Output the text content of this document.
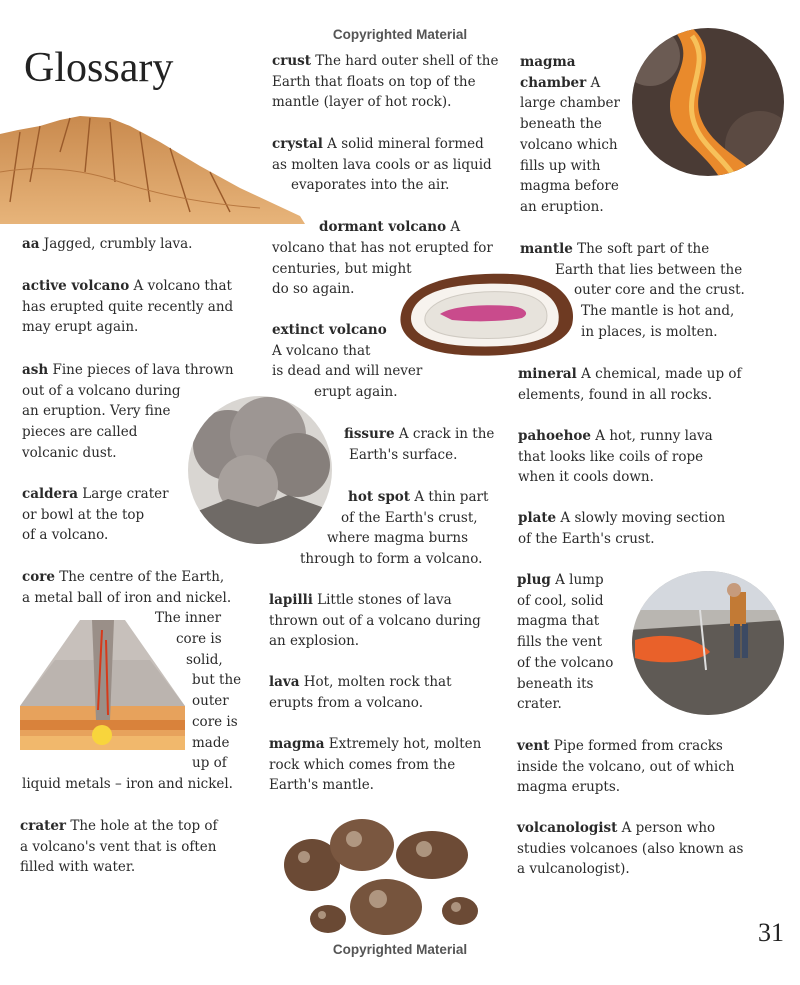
Copyrighted Material
Copyrighted Material
Glossary
31
aa Jagged, crumbly lava.
active volcano A volcano that
has erupted quite recently and
may erupt again.
ash Fine pieces of lava thrown
out of a volcano during
an eruption. Very fine
pieces are called
volcanic dust.
caldera Large crater
or bowl at the top
of a volcano.
core The centre of the Earth,
a metal ball of iron and nickel.
The inner
core is
solid,
but the
outer
core is
made
up of
liquid metals – iron and nickel.
crater The hole at the top of
a volcano's vent that is often
filled with water.
crust The hard outer shell of the
Earth that floats on top of the
mantle (layer of hot rock).
crystal A solid mineral formed
as molten lava cools or as liquid
evaporates into the air.
dormant volcano A
volcano that has not erupted for
centuries, but might
do so again.
extinct volcano
A volcano that
is dead and will never
erupt again.
fissure A crack in the
Earth's surface.
hot spot A thin part
of the Earth's crust,
where magma burns
through to form a volcano.
lapilli Little stones of lava
thrown out of a volcano during
an explosion.
lava Hot, molten rock that
erupts from a volcano.
magma Extremely hot, molten
rock which comes from the
Earth's mantle.
magma
chamber A
large chamber
beneath the
volcano which
fills up with
magma before
an eruption.
mantle The soft part of the
Earth that lies between the
outer core and the crust.
The mantle is hot and,
in places, is molten.
mineral A chemical, made up of
elements, found in all rocks.
pahoehoe A hot, runny lava
that looks like coils of rope
when it cools down.
plate A slowly moving section
of the Earth's crust.
plug A lump
of cool, solid
magma that
fills the vent
of the volcano
beneath its
crater.
vent Pipe formed from cracks
inside the volcano, out of which
magma erupts.
volcanologist A person who
studies volcanoes (also known as
a vulcanologist).
